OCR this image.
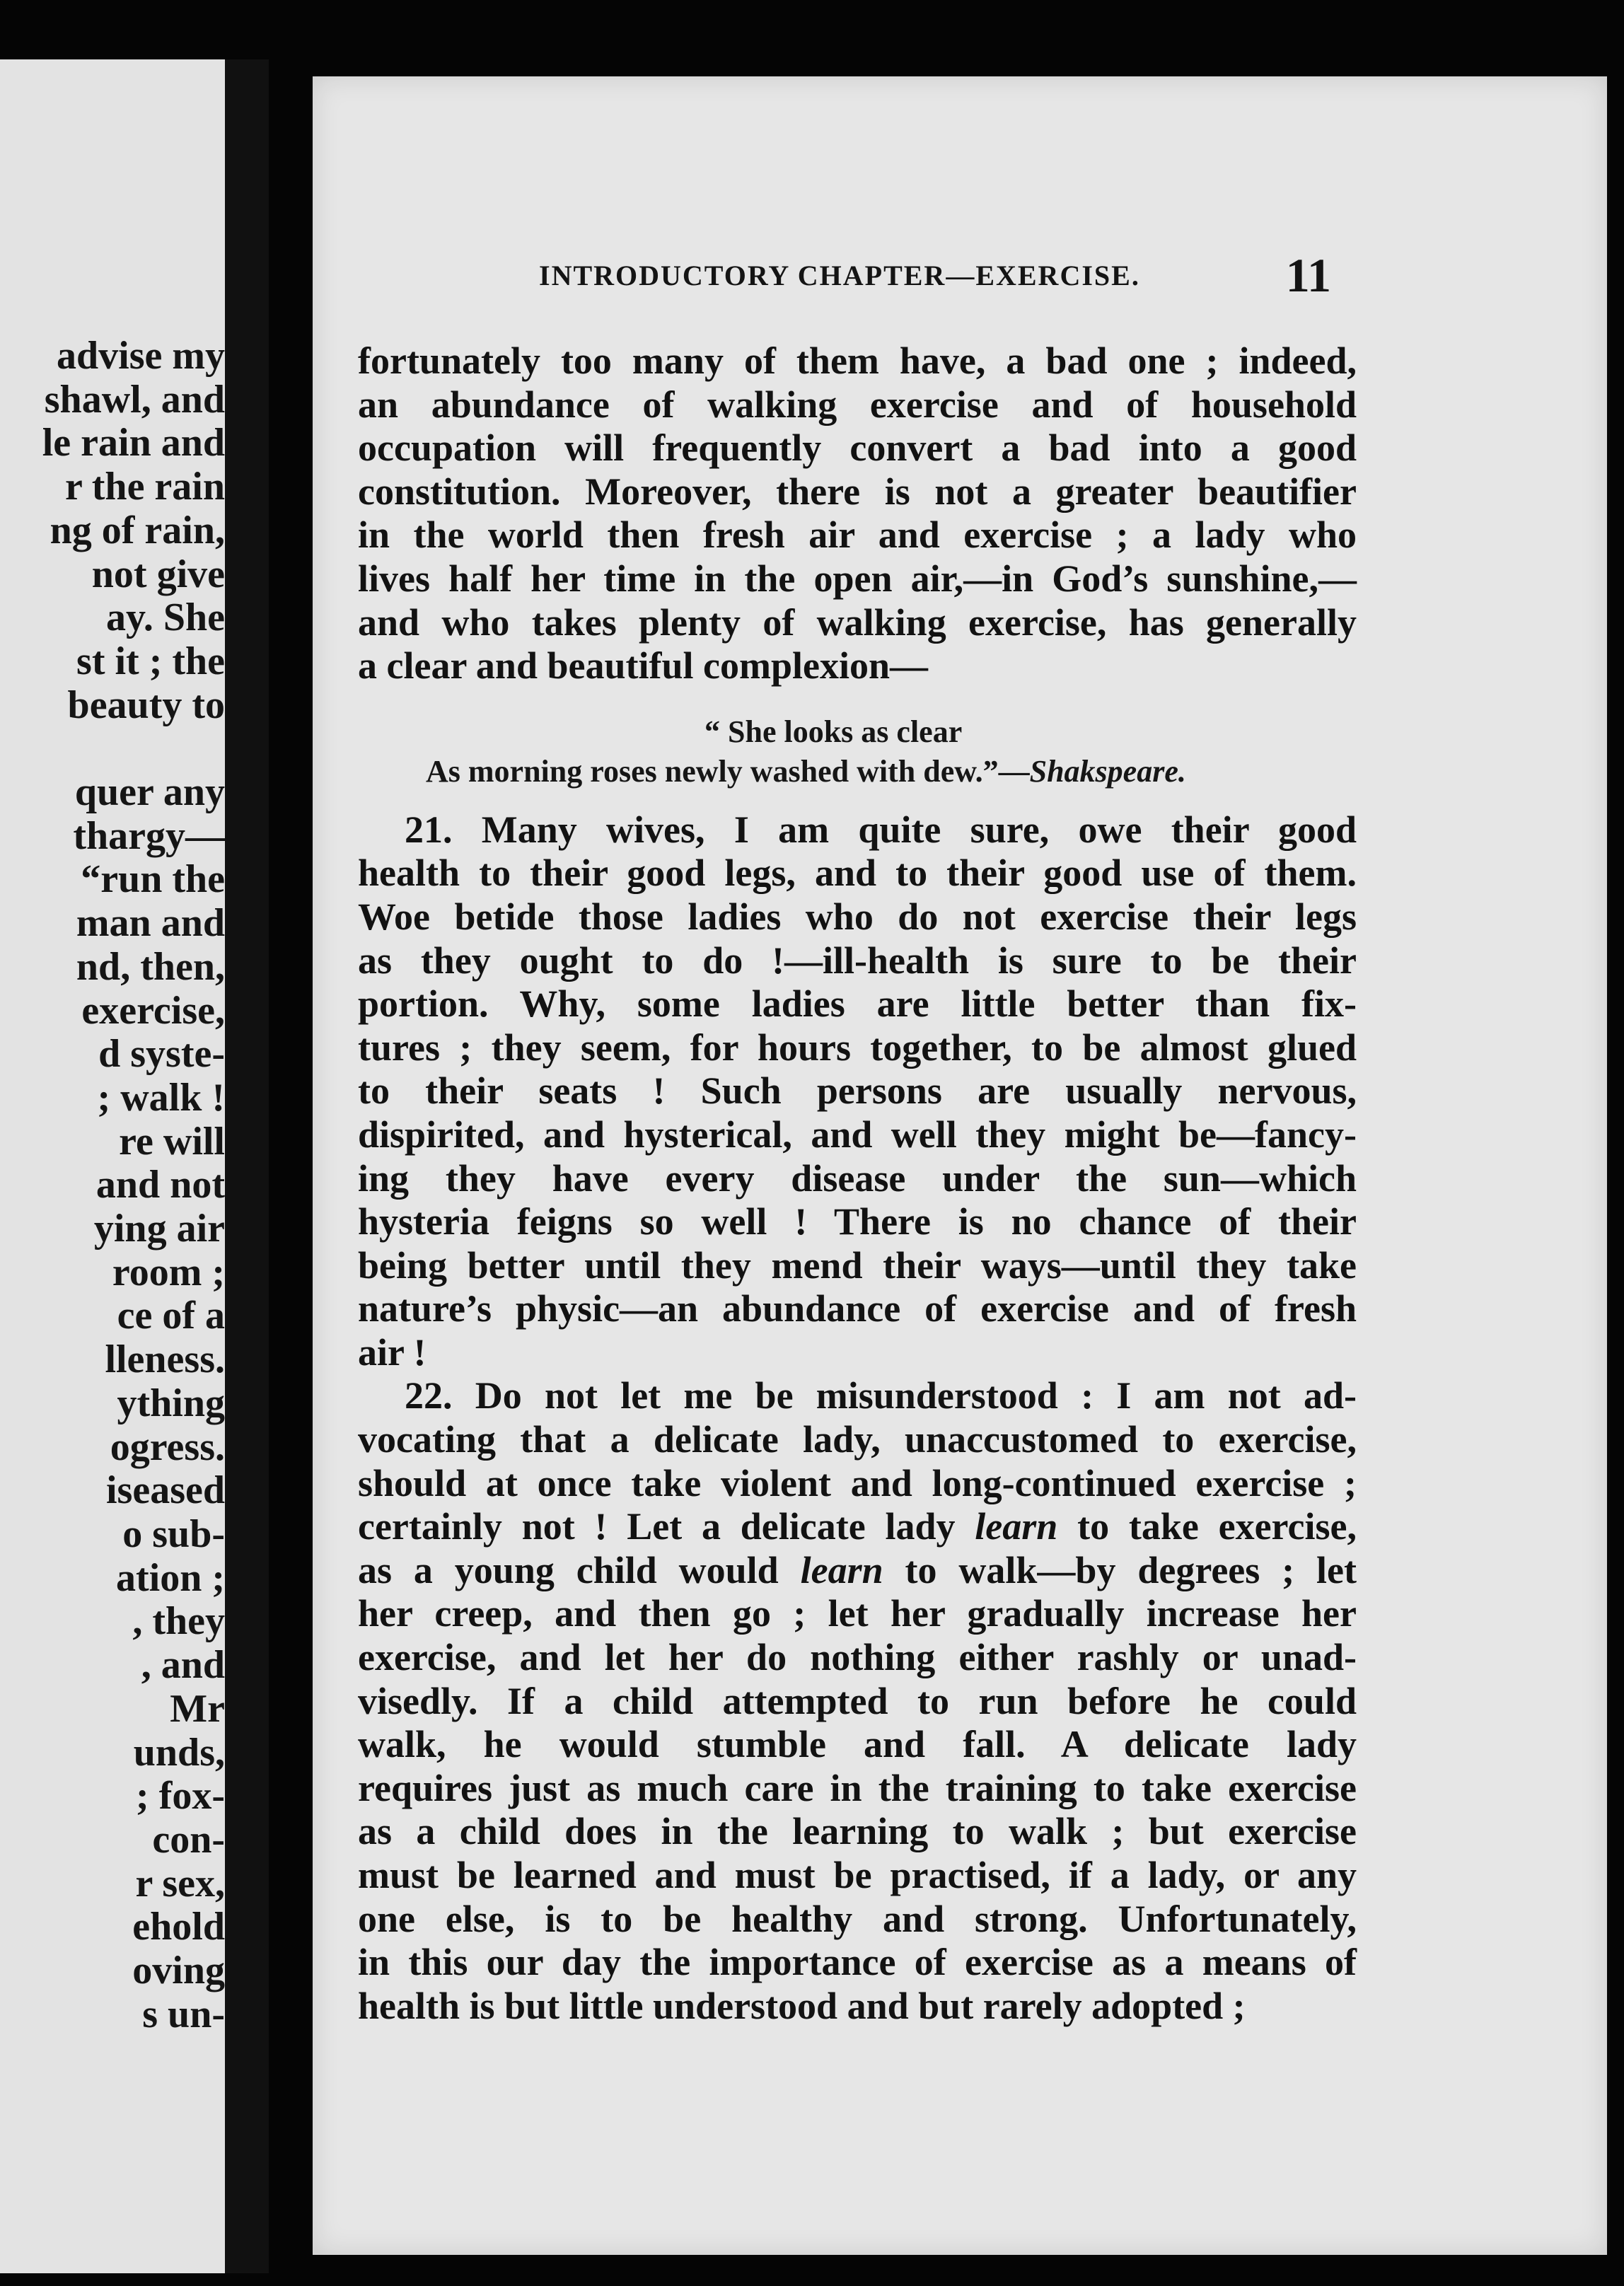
advise my
shawl, and
le rain and
r the rain
ng of rain,
not give
ay. She
st it ; the
beauty to

quer any
thargy—
“run the
man and
nd, then,
exercise,
d syste-
; walk !
re will
and not
ying air
room ;
ce of a
lleness.
ything
ogress.
iseased
o sub-
ation ;
, they
, and
Mr
unds,
; fox-
con-
r sex,
ehold
oving
s un-
INTRODUCTORY CHAPTER—EXERCISE.	11
fortunately too many of them have, a bad one ; indeed,
an abundance of walking exercise and of household
occupation will frequently convert a bad into a good
constitution. Moreover, there is not a greater beautifier
in the world then fresh air and exercise ; a lady who
lives half her time in the open air,—in God’s sunshine,—
and who takes plenty of walking exercise, has generally
a clear and beautiful complexion—
“ She looks as clear
As morning roses newly washed with dew.”—Shakspeare.
21. Many wives, I am quite sure, owe their good
health to their good legs, and to their good use of them.
Woe betide those ladies who do not exercise their legs
as they ought to do !—ill-health is sure to be their
portion. Why, some ladies are little better than fix-
tures ; they seem, for hours together, to be almost glued
to their seats ! Such persons are usually nervous,
dispirited, and hysterical, and well they might be—fancy-
ing they have every disease under the sun—which
hysteria feigns so well ! There is no chance of their
being better until they mend their ways—until they take
nature’s physic—an abundance of exercise and of fresh
air !
22. Do not let me be misunderstood : I am not ad-
vocating that a delicate lady, unaccustomed to exercise,
should at once take violent and long-continued exercise ;
certainly not ! Let a delicate lady learn to take exercise,
as a young child would learn to walk—by degrees ; let
her creep, and then go ; let her gradually increase her
exercise, and let her do nothing either rashly or unad-
visedly. If a child attempted to run before he could
walk, he would stumble and fall. A delicate lady
requires just as much care in the training to take exercise
as a child does in the learning to walk ; but exercise
must be learned and must be practised, if a lady, or any
one else, is to be healthy and strong. Unfortunately,
in this our day the importance of exercise as a means of
health is but little understood and but rarely adopted ;
